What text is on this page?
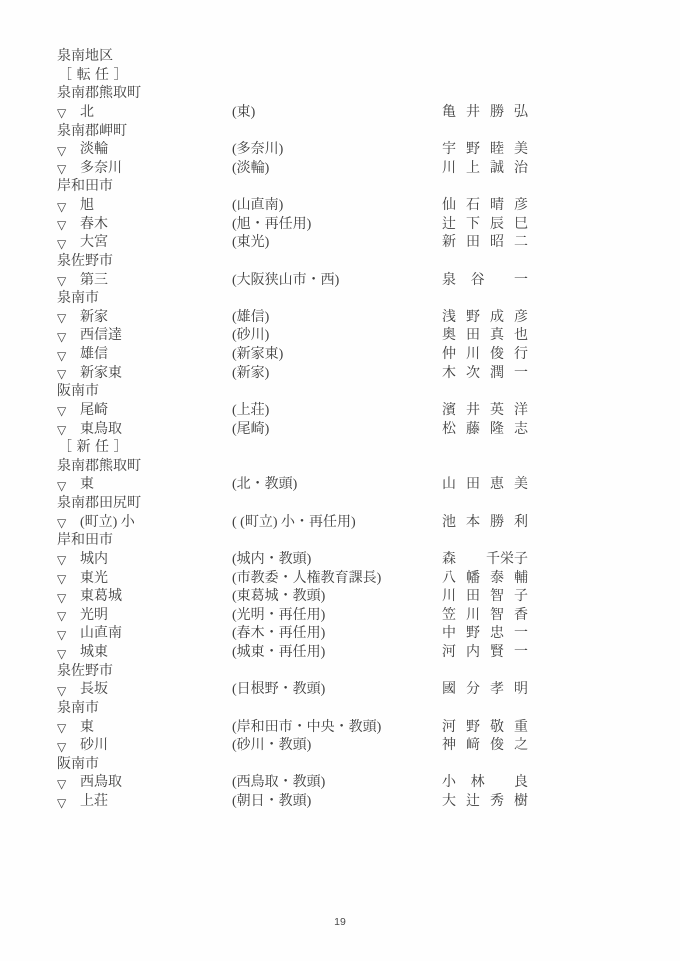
泉南地区
［ 転 任 ］
泉南郡熊取町
▽ 北	(東)	亀 井 勝 弘
泉南郡岬町
▽ 淡輪	(多奈川)	宇 野 睦 美
▽ 多奈川	(淡輪)	川 上 誠 治
岸和田市
▽ 旭	(山直南)	仙 石 晴 彦
▽ 春木	(旭・再任用)	辻 下 辰 巳
▽ 大宮	(東光)	新 田 昭 二
泉佐野市
▽ 第三	(大阪狭山市・西)	泉 谷 一
泉南市
▽ 新家	(雄信)	浅 野 成 彦
▽ 西信達	(砂川)	奥 田 真 也
▽ 雄信	(新家東)	仲 川 俊 行
▽ 新家東	(新家)	木 次 潤 一
阪南市
▽ 尾崎	(上荘)	濱 井 英 洋
▽ 東鳥取	(尾崎)	松 藤 隆 志
［ 新 任 ］
泉南郡熊取町
▽ 東	(北・教頭)	山 田 恵 美
泉南郡田尻町
▽ (町立) 小	( (町立) 小・再任用)	池 本 勝 利
岸和田市
▽ 城内	(城内・教頭)	森 千栄子
▽ 東光	(市教委・人権教育課長)	八 幡 泰 輔
▽ 東葛城	(東葛城・教頭)	川 田 智 子
▽ 光明	(光明・再任用)	笠 川 智 香
▽ 山直南	(春木・再任用)	中 野 忠 一
▽ 城東	(城東・再任用)	河 内 賢 一
泉佐野市
▽ 長坂	(日根野・教頭)	國 分 孝 明
泉南市
▽ 東	(岸和田市・中央・教頭)	河 野 敬 重
▽ 砂川	(砂川・教頭)	神 﨑 俊 之
阪南市
▽ 西鳥取	(西鳥取・教頭)	小 林 良
▽ 上荘	(朝日・教頭)	大 辻 秀 樹
19
